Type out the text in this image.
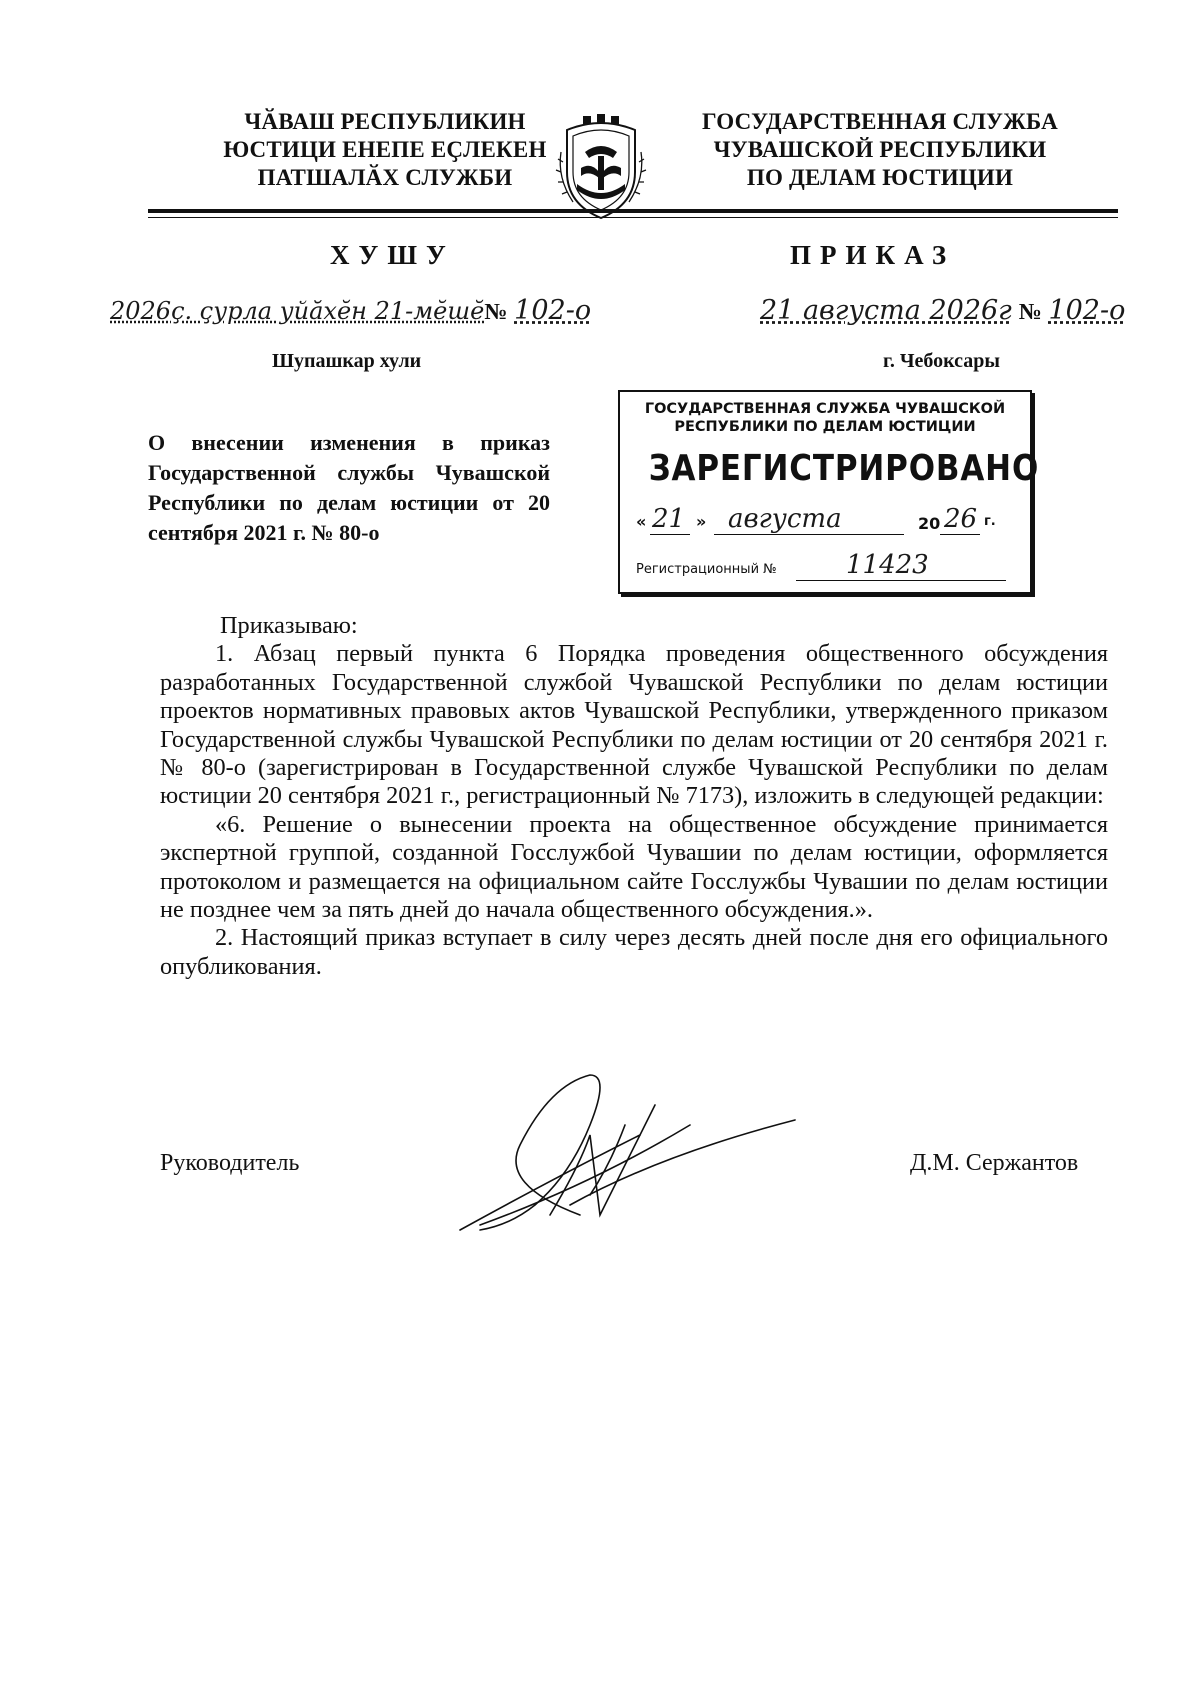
ЧӐВАШ РЕСПУБЛИКИН
ЮСТИЦИ ЕНЕПЕ ЕҪЛЕКЕН
ПАТШАЛӐХ СЛУЖБИ
ГОСУДАРСТВЕННАЯ СЛУЖБА
ЧУВАШСКОЙ РЕСПУБЛИКИ
ПО ДЕЛАМ ЮСТИЦИИ
ХУШУ	ПРИКАЗ
2026ç. ҫурла уйӑхӗн 21-мӗшӗ№ 102-о	21 августа 2026г № 102-о
Шупашкар хули	г. Чебоксары
О внесении изменения в приказ Государственной службы Чувашской Республики по делам юстиции от 20 сентября 2021 г. № 80-о
ГОСУДАРСТВЕННАЯ СЛУЖБА ЧУВАШСКОЙ
РЕСПУБЛИКИ ПО ДЕЛАМ ЮСТИЦИИ
ЗАРЕГИСТРИРОВАНО
« 21 » августа	20 26 г.
Регистрационный №	11423

Приказываю:

1. Абзац первый пункта 6 Порядка проведения общественного обсуждения разработанных Государственной службой Чувашской Республики по делам юстиции проектов нормативных правовых актов Чувашской Республики, утвержденного приказом Государственной службы Чувашской Республики по делам юстиции от 20 сентября 2021 г. № 80-о (зарегистрирован в Государственной службе Чувашской Республики по делам юстиции 20 сентября 2021 г., регистрационный № 7173), изложить в следующей редакции:

«6. Решение о вынесении проекта на общественное обсуждение принимается экспертной группой, созданной Госслужбой Чувашии по делам юстиции, оформляется протоколом и размещается на официальном сайте Госслужбы Чувашии по делам юстиции не позднее чем за пять дней до начала общественного обсуждения.».

2. Настоящий приказ вступает в силу через десять дней после дня его официального опубликования.

Руководитель	Д.М. Сержантов
